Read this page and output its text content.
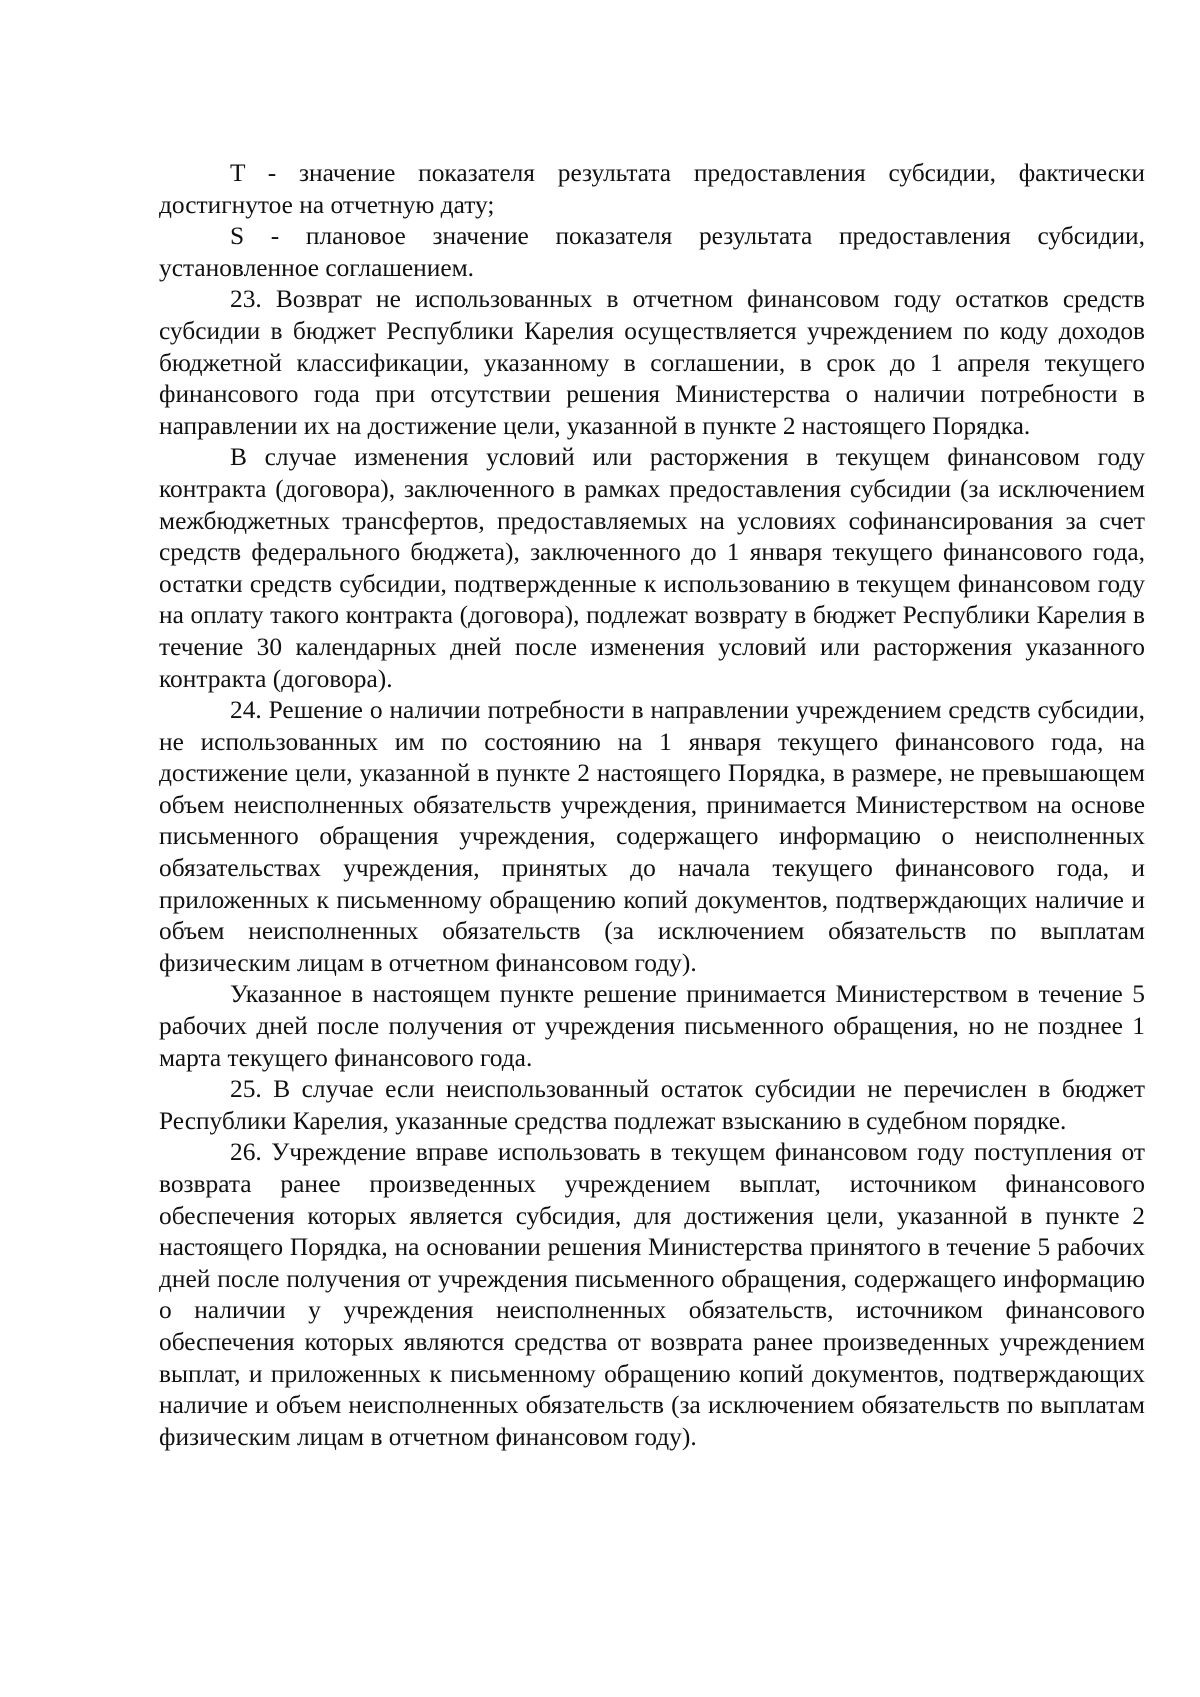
T - значение показателя результата предоставления субсидии, фактически достигнутое на отчетную дату;

S - плановое значение показателя результата предоставления субсидии, установленное соглашением.

23. Возврат не использованных в отчетном финансовом году остатков средств субсидии в бюджет Республики Карелия осуществляется учреждением по коду доходов бюджетной классификации, указанному в соглашении, в срок до 1 апреля текущего финансового года при отсутствии решения Министерства о наличии потребности в направлении их на достижение цели, указанной в пункте 2 настоящего Порядка.

В случае изменения условий или расторжения в текущем финансовом году контракта (договора), заключенного в рамках предоставления субсидии (за исключением межбюджетных трансфертов, предоставляемых на условиях софинансирования за счет средств федерального бюджета), заключенного до 1 января текущего финансового года, остатки средств субсидии, подтвержденные к использованию в текущем финансовом году на оплату такого контракта (договора), подлежат возврату в бюджет Республики Карелия в течение 30 календарных дней после изменения условий или расторжения указанного контракта (договора).

24. Решение о наличии потребности в направлении учреждением средств субсидии, не использованных им по состоянию на 1 января текущего финансового года, на достижение цели, указанной в пункте 2 настоящего Порядка, в размере, не превышающем объем неисполненных обязательств учреждения, принимается Министерством на основе письменного обращения учреждения, содержащего информацию о неисполненных обязательствах учреждения, принятых до начала текущего финансового года, и приложенных к письменному обращению копий документов, подтверждающих наличие и объем неисполненных обязательств (за исключением обязательств по выплатам физическим лицам в отчетном финансовом году).

Указанное в настоящем пункте решение принимается Министерством в течение 5 рабочих дней после получения от учреждения письменного обращения, но не позднее 1 марта текущего финансового года.

25. В случае если неиспользованный остаток субсидии не перечислен в бюджет Республики Карелия, указанные средства подлежат взысканию в судебном порядке.

26. Учреждение вправе использовать в текущем финансовом году поступления от возврата ранее произведенных учреждением выплат, источником финансового обеспечения которых является субсидия, для достижения цели, указанной в пункте 2 настоящего Порядка, на основании решения Министерства принятого в течение 5 рабочих дней после получения от учреждения письменного обращения, содержащего информацию о наличии у учреждения неисполненных обязательств, источником финансового обеспечения которых являются средства от возврата ранее произведенных учреждением выплат, и приложенных к письменному обращению копий документов, подтверждающих наличие и объем неисполненных обязательств (за исключением обязательств по выплатам физическим лицам в отчетном финансовом году).
